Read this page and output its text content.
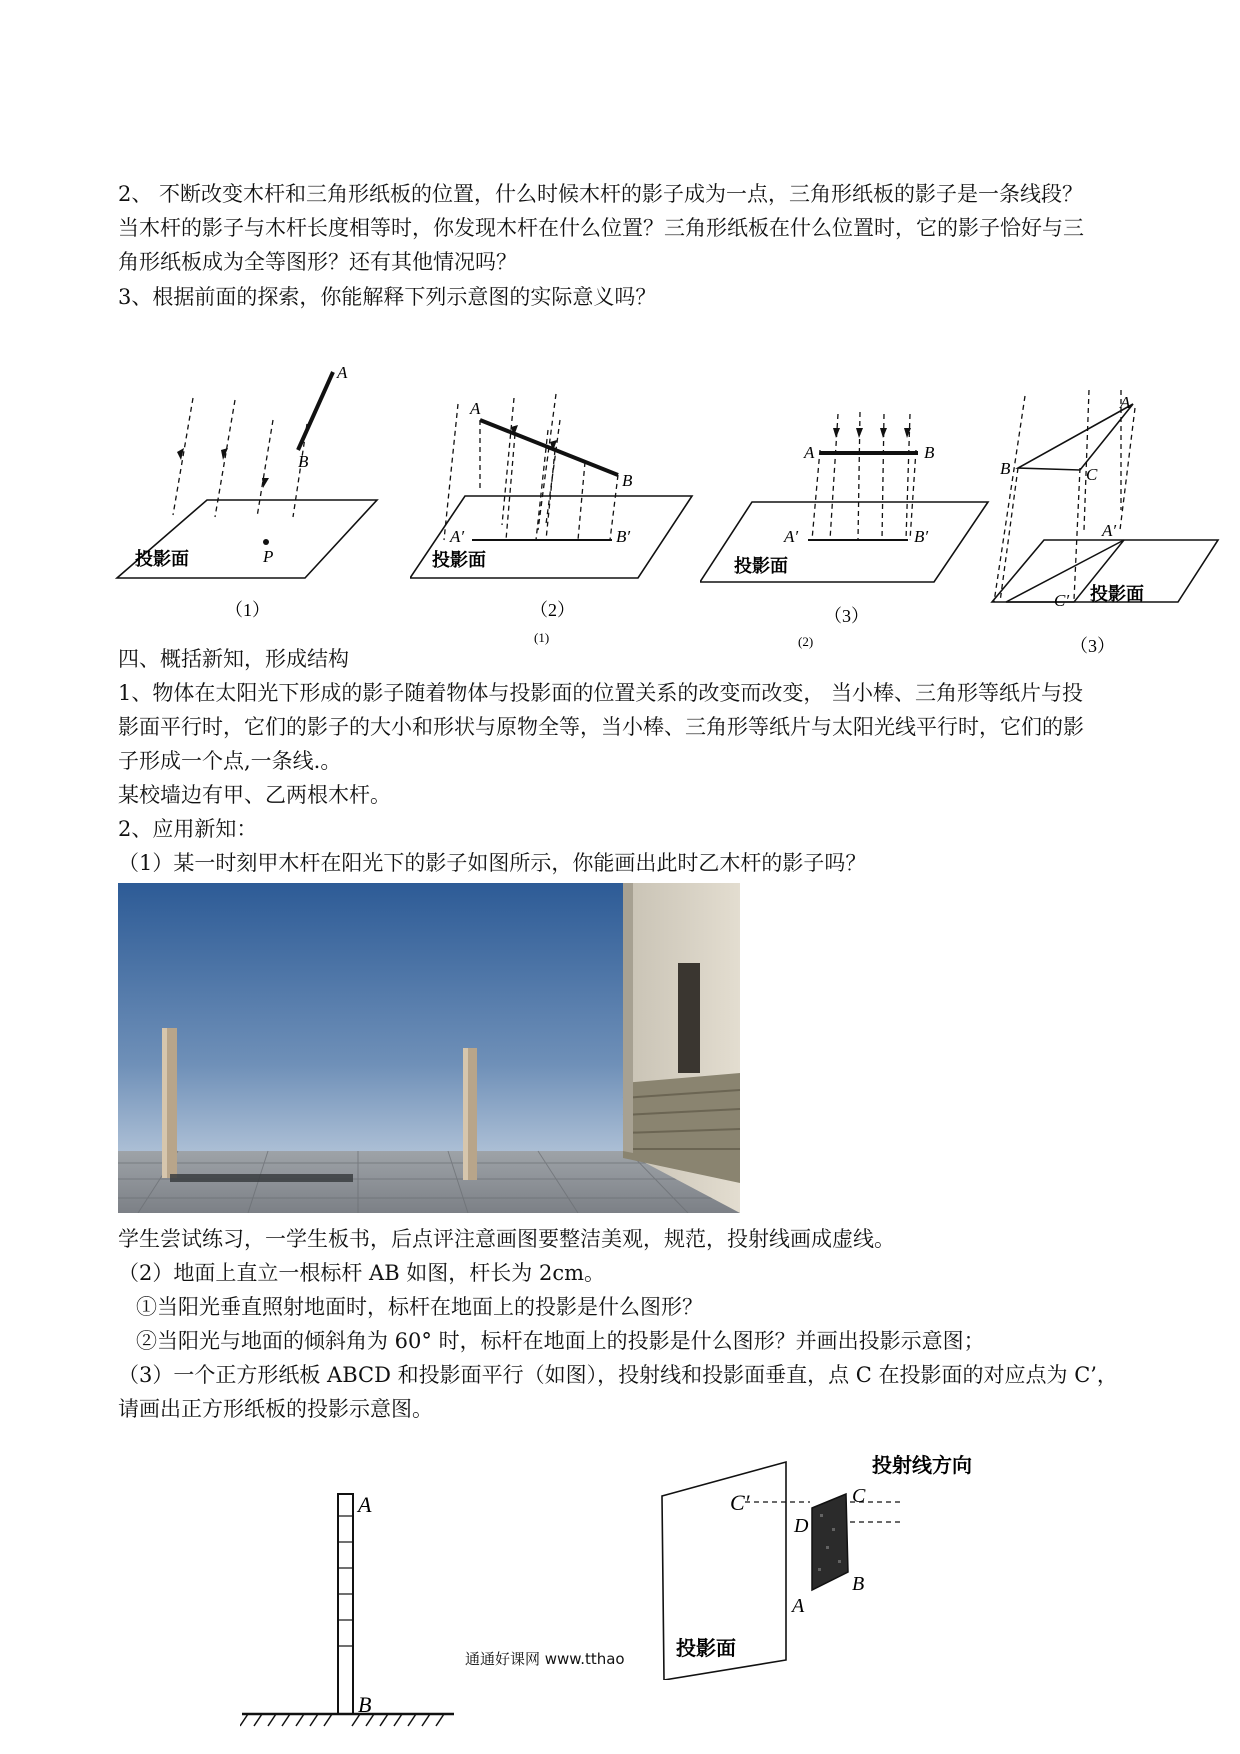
2、 不断改变木杆和三角形纸板的位置，什么时候木杆的影子成为一点，三角形纸板的影子是一条线段？
当木杆的影子与木杆长度相等时，你发现木杆在什么位置？三角形纸板在什么位置时，它的影子恰好与三
角形纸板成为全等图形？还有其他情况吗？
3、根据前面的探索，你能解释下列示意图的实际意义吗？
A
B
P
投影面
（1）
A
B
A′	B′
投影面
（2）
(1)
A	B
A′	B′
投影面
（3）
(2)
A
B	C
A′
C′ 投影面
（3）
四、概括新知，形成结构
1、物体在太阳光下形成的影子随着物体与投影面的位置关系的改变而改变， 当小棒、三角形等纸片与投
影面平行时，它们的影子的大小和形状与原物全等，当小棒、三角形等纸片与太阳光线平行时，它们的影
子形成一个点,一条线.。
某校墙边有甲、乙两根木杆。
2、应用新知：
（1）某一时刻甲木杆在阳光下的影子如图所示，你能画出此时乙木杆的影子吗？
学生尝试练习，一学生板书，后点评注意画图要整洁美观，规范，投射线画成虚线。
（2）地面上直立一根标杆 AB 如图，杆长为 2cm。
①当阳光垂直照射地面时，标杆在地面上的投影是什么图形？
②当阳光与地面的倾斜角为 60° 时，标杆在地面上的投影是什么图形？并画出投影示意图；
（3）一个正方形纸板 ABCD 和投影面平行（如图），投射线和投影面垂直，点 C 在投影面的对应点为 C’，
请画出正方形纸板的投影示意图。
A
B
通通好课网 www.tthao
C′
D
C
B
A
投射线方向
投影面
